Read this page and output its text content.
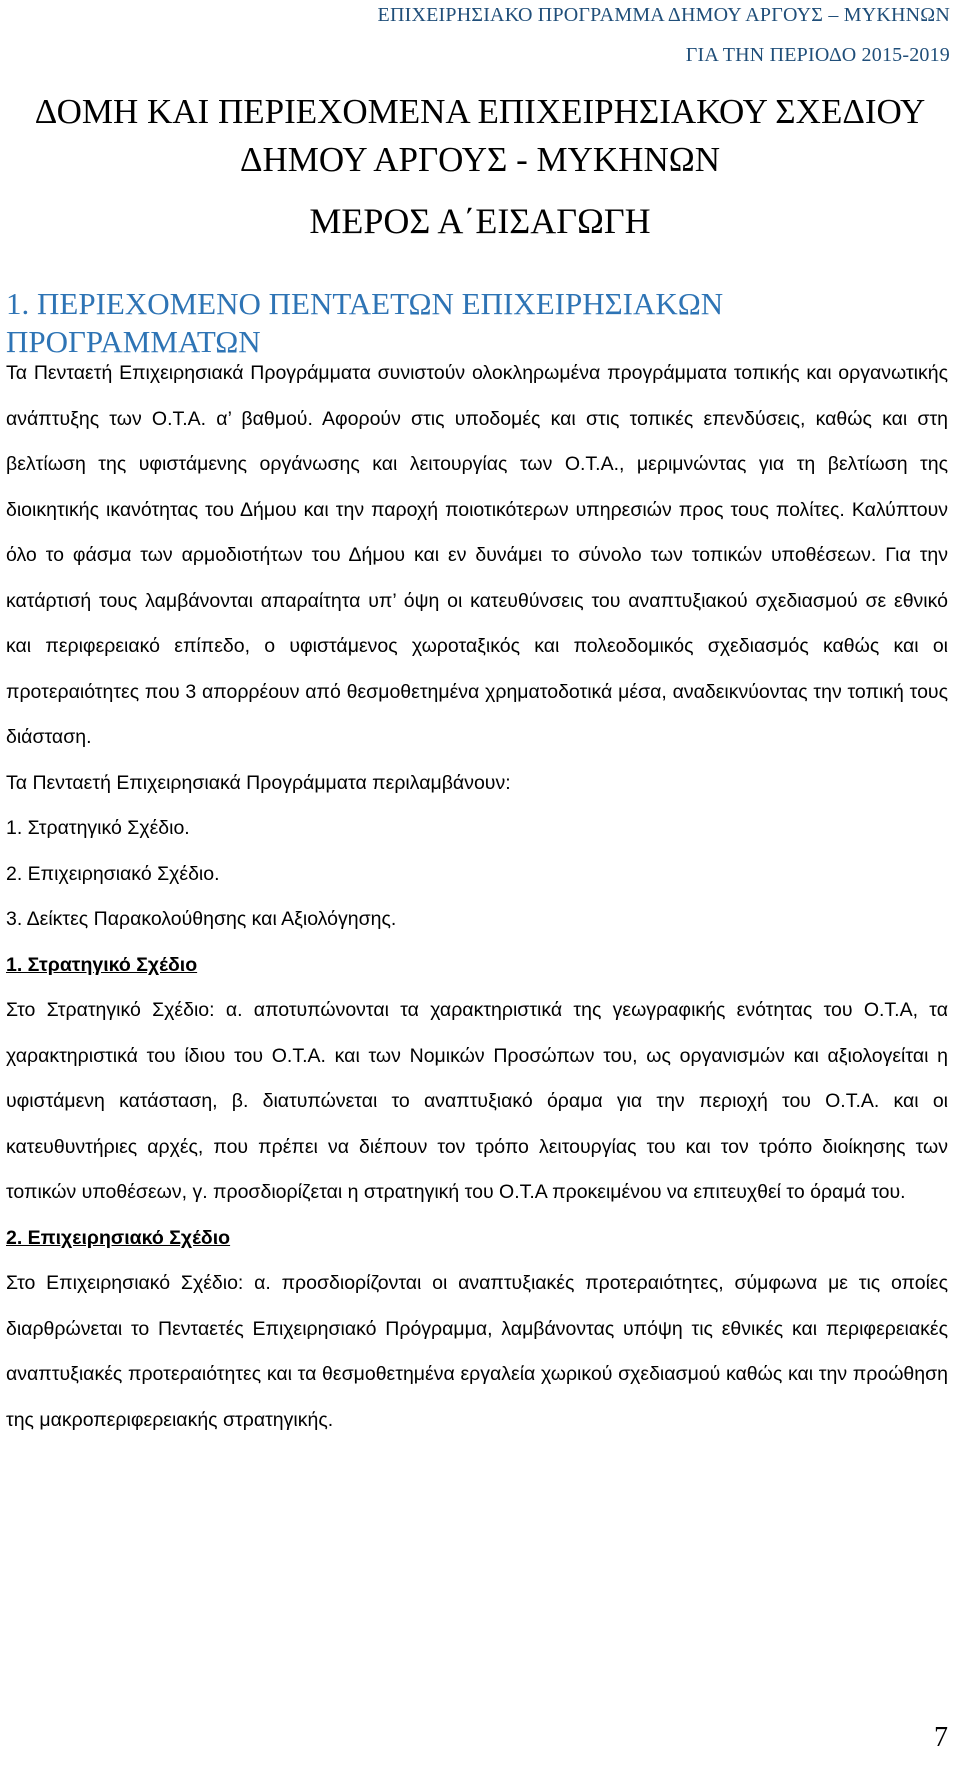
ΕΠΙΧΕΙΡΗΣΙΑΚΟ ΠΡΟΓΡΑΜΜΑ ΔΗΜΟΥ ΑΡΓΟΥΣ – ΜΥΚΗΝΩΝ
ΓΙΑ ΤΗΝ ΠΕΡΙΟΔΟ 2015-2019
ΔΟΜΗ ΚΑΙ ΠΕΡΙΕΧΟΜΕΝΑ ΕΠΙΧΕΙΡΗΣΙΑΚΟΥ ΣΧΕΔΙΟΥ
ΔΗΜΟΥ ΑΡΓΟΥΣ - ΜΥΚΗΝΩΝ
ΜΕΡΟΣ Α΄ΕΙΣΑΓΩΓΗ
1. ΠΕΡΙΕΧΟΜΕΝΟ ΠΕΝΤΑΕΤΩΝ ΕΠΙΧΕΙΡΗΣΙΑΚΩΝ ΠΡΟΓΡΑΜΜΑΤΩΝ

Τα Πενταετή Επιχειρησιακά Προγράμματα συνιστούν ολοκληρωμένα προγράμματα τοπικής και οργανωτικής ανάπτυξης των Ο.Τ.Α. α’ βαθμού. Αφορούν στις υποδομές και στις τοπικές επενδύσεις, καθώς και στη βελτίωση της υφιστάμενης οργάνωσης και λειτουργίας των Ο.Τ.Α., μεριμνώντας για τη βελτίωση της διοικητικής ικανότητας του Δήμου και την παροχή ποιοτικότερων υπηρεσιών προς τους πολίτες. Καλύπτουν όλο το φάσμα των αρμοδιοτήτων του Δήμου και εν δυνάμει το σύνολο των τοπικών υποθέσεων. Για την κατάρτισή τους λαμβάνονται απαραίτητα υπ’ όψη οι κατευθύνσεις του αναπτυξιακού σχεδιασμού σε εθνικό και περιφερειακό επίπεδο, ο υφιστάμενος χωροταξικός και πολεοδομικός σχεδιασμός καθώς και οι προτεραιότητες που 3 απορρέουν από θεσμοθετημένα χρηματοδοτικά μέσα, αναδεικνύοντας την τοπική τους διάσταση.

Τα Πενταετή Επιχειρησιακά Προγράμματα περιλαμβάνουν:

1. Στρατηγικό Σχέδιο.

2. Επιχειρησιακό Σχέδιο.

3. Δείκτες Παρακολούθησης και Αξιολόγησης.

1. Στρατηγικό Σχέδιο

Στο Στρατηγικό Σχέδιο: α. αποτυπώνονται τα χαρακτηριστικά της γεωγραφικής ενότητας του Ο.Τ.Α, τα χαρακτηριστικά του ίδιου του Ο.Τ.Α. και των Νομικών Προσώπων του, ως οργανισμών και αξιολογείται η υφιστάμενη κατάσταση, β. διατυπώνεται το αναπτυξιακό όραμα για την περιοχή του Ο.Τ.Α. και οι κατευθυντήριες αρχές, που πρέπει να διέπουν τον τρόπο λειτουργίας του και τον τρόπο διοίκησης των τοπικών υποθέσεων, γ. προσδιορίζεται η στρατηγική του Ο.Τ.Α προκειμένου να επιτευχθεί το όραμά του.

2. Επιχειρησιακό Σχέδιο

Στο Επιχειρησιακό Σχέδιο: α. προσδιορίζονται οι αναπτυξιακές προτεραιότητες, σύμφωνα με τις οποίες διαρθρώνεται το Πενταετές Επιχειρησιακό Πρόγραμμα, λαμβάνοντας υπόψη τις εθνικές και περιφερειακές αναπτυξιακές προτεραιότητες και τα θεσμοθετημένα εργαλεία χωρικού σχεδιασμού καθώς και την προώθηση της μακροπεριφερειακής στρατηγικής.

7
